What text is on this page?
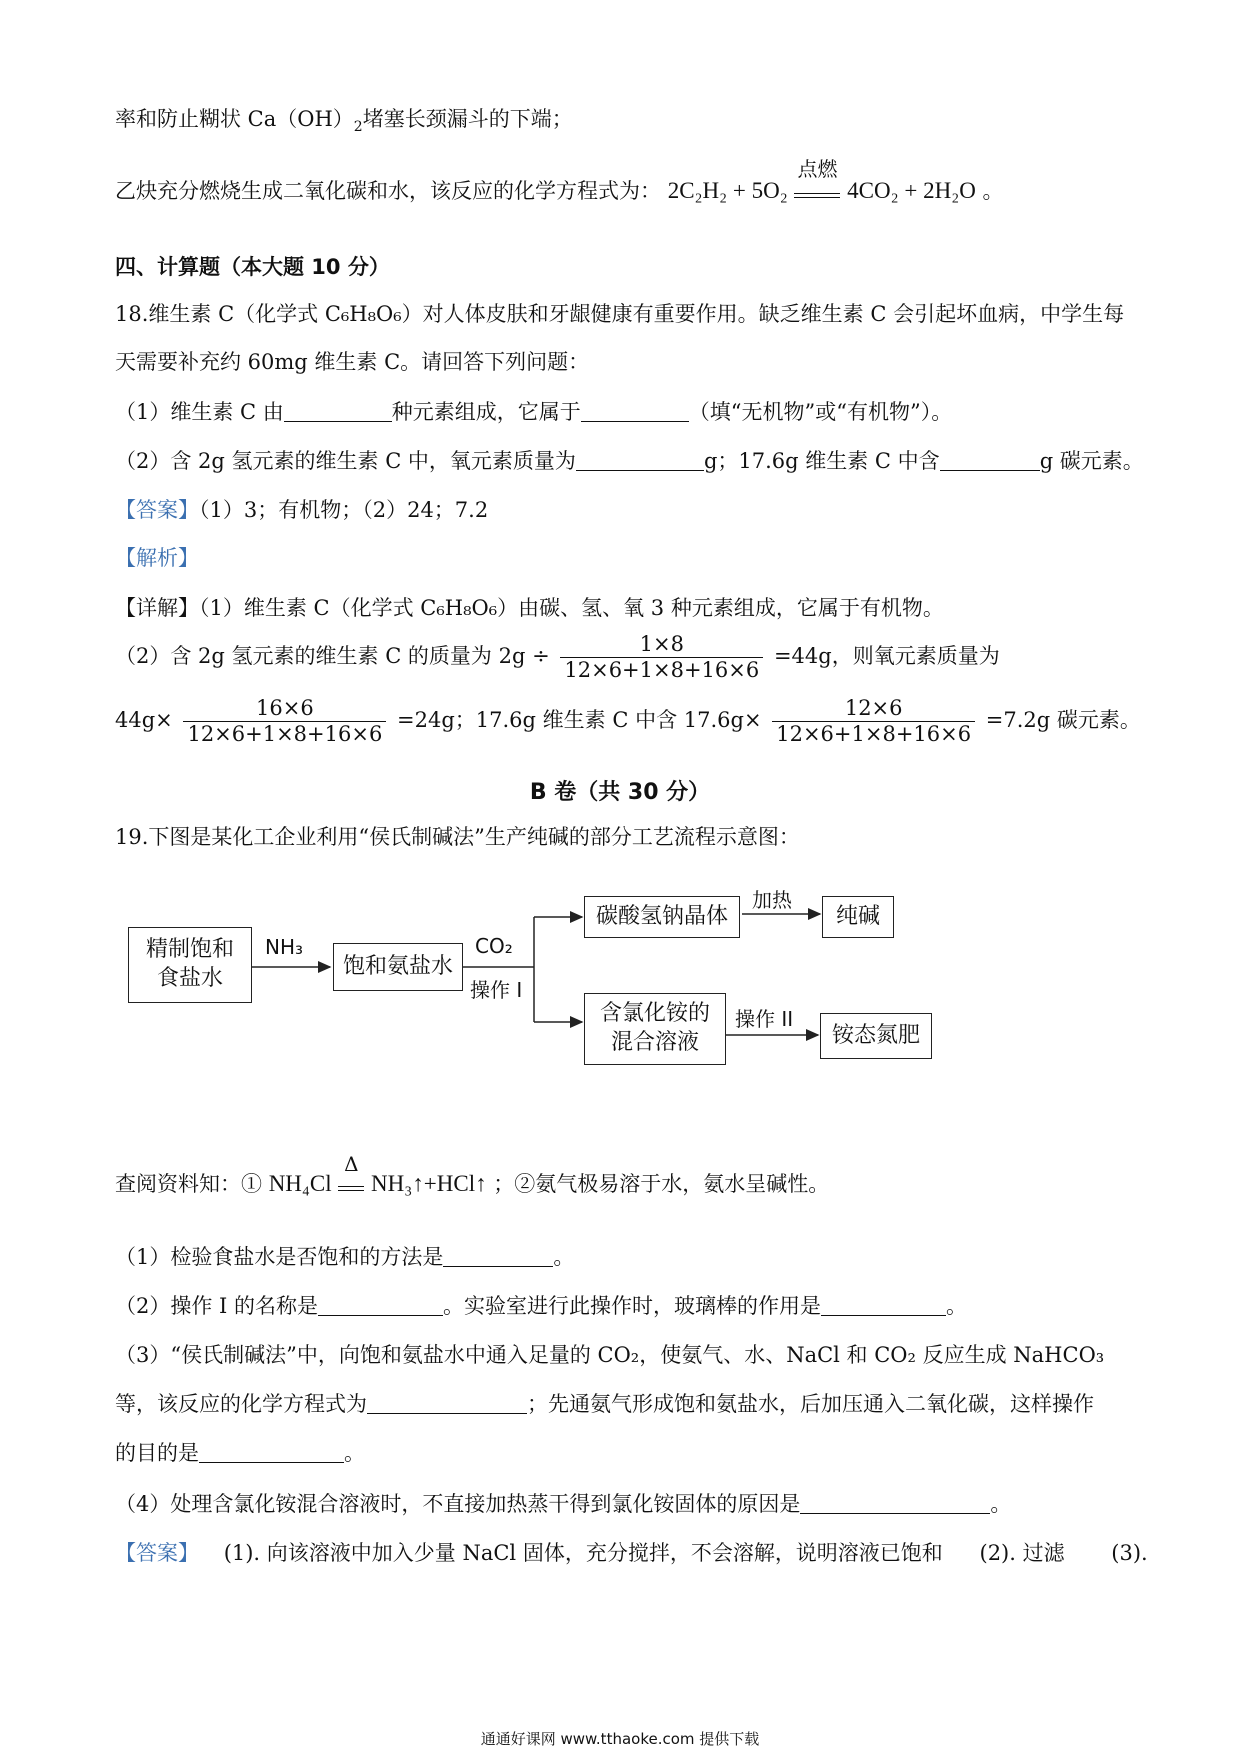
率和防止糊状 $Ca(OH)_2$堵塞长颈漏斗的下端；
乙炔充分燃烧生成二氧化碳和水，该反应的化学方程式为： 2C₂H₂ + 5O₂
点燃
4CO₂ + 2H₂O 。
四、计算题（本大题 10 分）
18.维生素 C（化学式 C₆H₈O₆）对人体皮肤和牙龈健康有重要作用。缺乏维生素 C 会引起坏血病，中学生每
天需要补充约 60mg 维生素 C。请回答下列问题：
（1）维生素 C 由	种元素组成，它属于	（填“无机物”或“有机物”）。
（2）含 2g 氢元素的维生素 C 中，氧元素质量为	g；17.6g 维生素 C 中含	g 碳元素。
【答案】（1）3；有机物；（2）24；7.2
【解析】
【详解】（1）维生素 C（化学式 C₆H₈O₆）由碳、氢、氧 3 种元素组成，它属于有机物。
（2）含 2g 氢元素的维生素 C 的质量为 $2g \div \frac{1\times 8}{12\times 6+1\times 8+16\times 6} =44g$，则氧元素质量为
$44g\times \frac{16\times 6}{12\times 6+1\times 8+16\times 6} =24g$；17.6g 维生素 C 中含 $17.6g\times \frac{12\times 6}{12\times 6+1\times 8+16\times 6} =7.2g$ 碳元素。
B 卷（共 30 分）
19.下图是某化工企业利用“侯氏制碱法”生产纯碱的部分工艺流程示意图：
精制饱和
食盐水
NH₃
饱和氨盐水
CO₂
操作 I
碳酸氢钠晶体
加热
纯碱
含氯化铵的
混合溶液
操作 II
铵态氮肥
查阅资料知：① NH₄Cl
Δ
NH₃↑+HCl↑ ；②氨气极易溶于水，氨水呈碱性。
（1）检验食盐水是否饱和的方法是	。
（2）操作 I 的名称是	。实验室进行此操作时，玻璃棒的作用是	。
（3）“侯氏制碱法”中，向饱和氨盐水中通入足量的 CO₂，使氨气、水、NaCl 和 CO₂ 反应生成 NaHCO₃
等，该反应的化学方程式为	；先通氨气形成饱和氨盐水，后加压通入二氧化碳，这样操作
的目的是	。
（4）处理含氯化铵混合溶液时，不直接加热蒸干得到氯化铵固体的原因是	。
【答案】 (1). 向该溶液中加入少量 NaCl 固体，充分搅拌，不会溶解，说明溶液已饱和 (2). 过滤 (3).
通通好课网 www.tthaoke.com 提供下载
